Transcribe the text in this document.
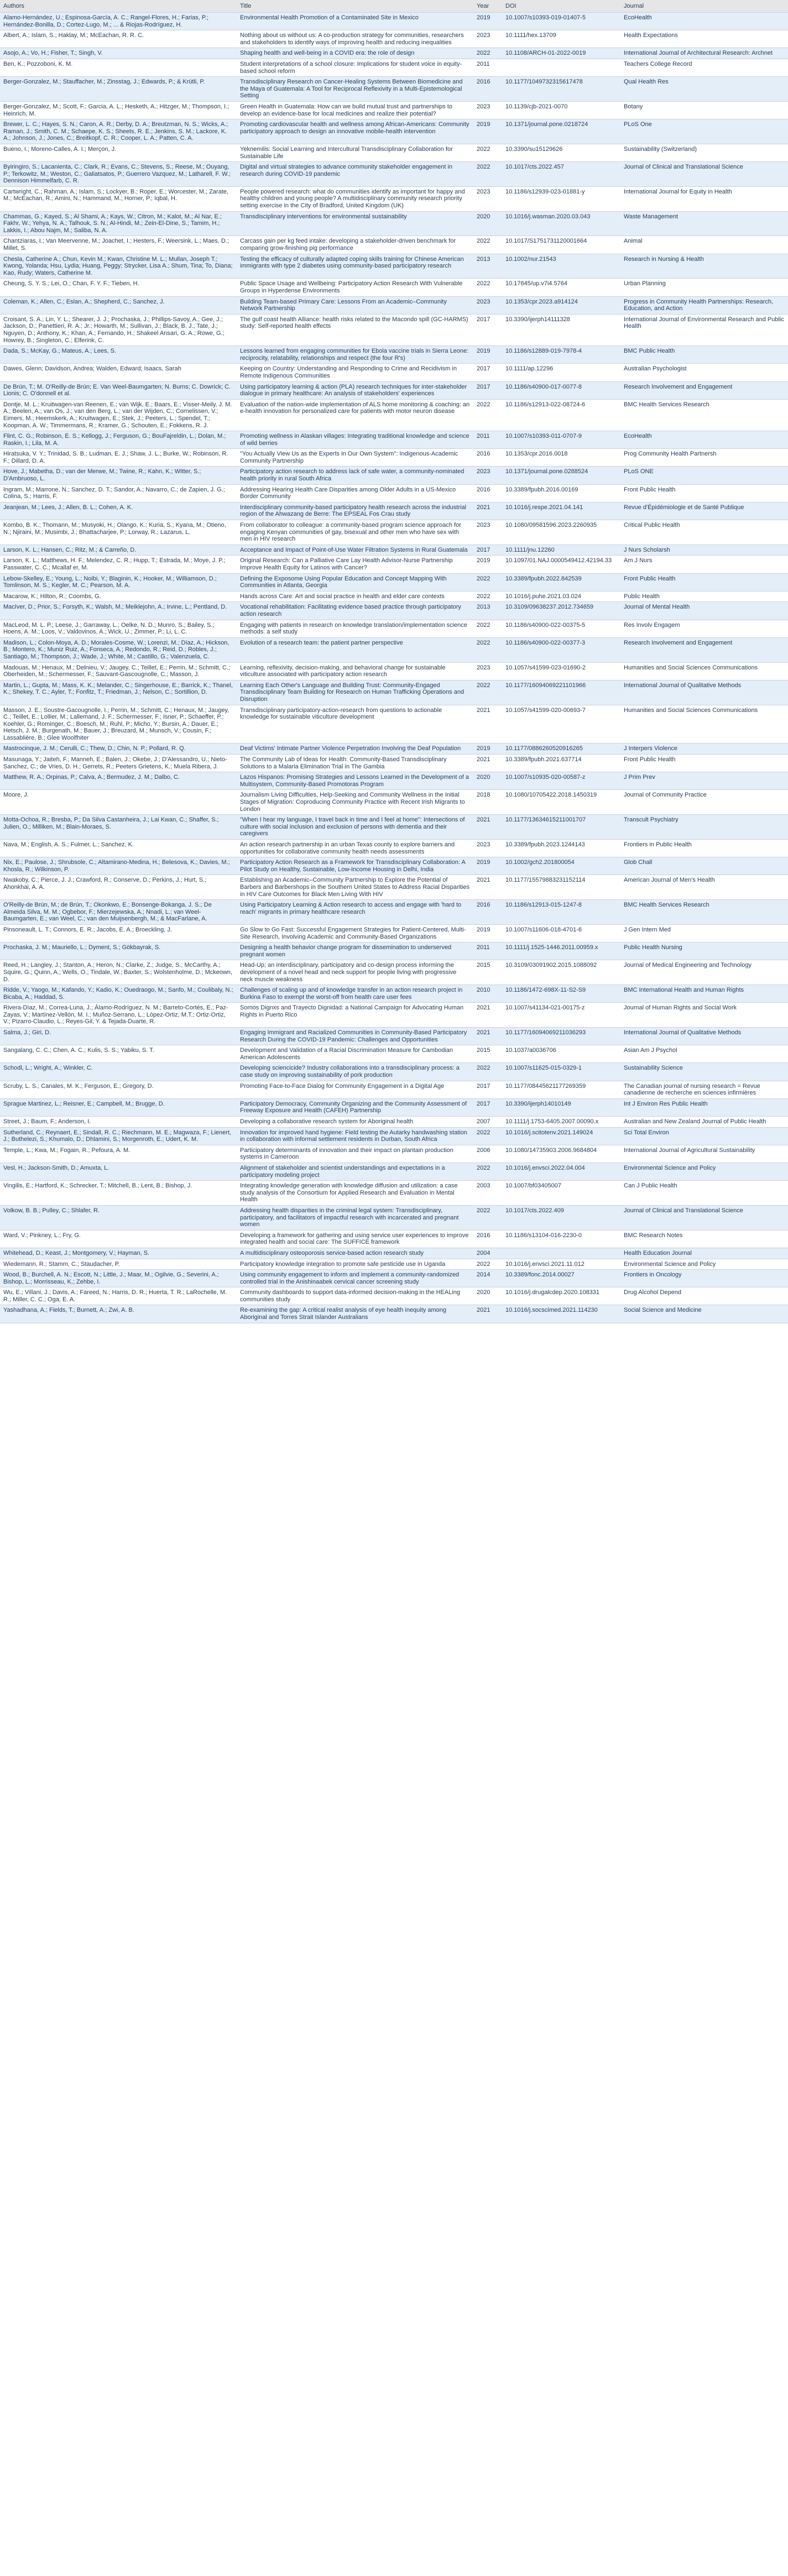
Authors	Title	Year	DOI	Journal
Alamo-Hernández, U.; Espinosa-García, A. C.; Rangel-Flores, H.; Farias, P.; Hernández-Bonilla, D.; Cortez-Lugo, M.; ... & Riojas-Rodríguez, H.	Environmental Health Promotion of a Contaminated Site in Mexico	2019	10.1007/s10393-019-01407-5	EcoHealth
Albert, A.; Islam, S.; Haklay, M.; McEachan, R. R. C.	Nothing about us without us: A co-production strategy for communities, researchers and stakeholders to identify ways of improving health and reducing inequalities	2023	10.1111/hex.13709	Health Expectations
Asojo, A.; Vo, H.; Fisher, T.; Singh, V.	Shaping health and well-being in a COVID era: the role of design	2022	10.1108/ARCH-01-2022-0019	International Journal of Architectural Research: Archnet
Ben, K.; Pozzoboni, K. M.	Student interpretations of a school closure: Implications for student voice in equity-based school reform	2011		Teachers College Record
Berger-Gonzalez, M.; Stauffacher, M.; Zinsstag, J.; Edwards, P.; & Krütli, P.	Transdisciplinary Research on Cancer-Healing Systems Between Biomedicine and the Maya of Guatemala: A Tool for Reciprocal Reflexivity in a Multi-Epistemological Setting	2016	10.1177/1049732315617478	Qual Health Res
Berger-Gonzalez, M.; Scott, F.; Garcia, A. L.; Hesketh, A.; Hitzger, M.; Thompson, I.; Heinrich, M.	Green Health in Guatemala: How can we build mutual trust and partnerships to develop an evidence-base for local medicines and realize their potential?	2023	10.1139/cjb-2021-0070	Botany
Brewer, L. C.; Hayes, S. N.; Caron, A. R.; Derby, D. A.; Breutzman, N. S.; Wicks, A.; Raman, J.; Smith, C. M.; Schaepe, K. S.; Sheets, R. E.; Jenkins, S. M.; Lackore, K. A.; Johnson, J.; Jones, C.; Breitkopf, C. R.; Cooper, L. A.; Patten, C. A.	Promoting cardiovascular health and wellness among African-Americans: Community participatory approach to design an innovative mobile-health intervention	2019	10.1371/journal.pone.0218724	PLoS One
Bueno, I.; Moreno-Calles, A. I.; Merçon, J.	Yeknemilis: Social Learning and Intercultural Transdisciplinary Collaboration for Sustainable Life	2022	10.3390/su15129626	Sustainability (Switzerland)
Byiringiro, S.; Lacanienta, C.; Clark, R.; Evans, C.; Stevens, S.; Reese, M.; Ouyang, P.; Terkowitz, M.; Weston, C.; Galiatsatos, P.; Guerrero Vazquez, M.; Latharell, F. W.; Dennison Himmelfarb, C. R.	Digital and virtual strategies to advance community stakeholder engagement in research during COVID-19 pandemic	2022	10.1017/cts.2022.457	Journal of Clinical and Translational Science
Cartwright, C.; Rahman, A.; Islam, S.; Lockyer, B.; Roper, E.; Worcester, M.; Zarate, M.; McEachan, R.; Amini, N.; Hammand, M.; Horner, P.; Iqbal, H.	People powered research: what do communities identify as important for happy and healthy children and young people? A multidisciplinary community research priority setting exercise in the City of Bradford, United Kingdom (UK)	2023	10.1186/s12939-023-01881-y	International Journal for Equity in Health
Chammas, G.; Kayed, S.; Al Shami, A.; Kays, W.; Citron, M.; Kalot, M.; Al Nar, E.; Fakhr, W.; Yehya, N. A.; Talhouk, S. N.; Al-Hindi, M.; Zein-El-Dine, S.; Tamim, H.; Lakkis, I.; Abou Najm, M.; Saliba, N. A.	Transdisciplinary interventions for environmental sustainability	2020	10.1016/j.wasman.2020.03.043	Waste Management
Chantziaras, I.; Van Meervenne, M.; Joachet, I.; Hesters, F.; Weersink, L.; Maes, D.; Millet, S.	Carcass gain per kg feed intake: developing a stakeholder-driven benchmark for comparing grow-finishing pig performance	2022	10.1017/S1751731120001664	Animal
Chesla, Catherine A.; Chun, Kevin M.; Kwan, Christine M. L.; Mullan, Joseph T.; Kwong, Yolanda; Hsu, Lydia; Huang, Peggy; Strycker, Lisa A.; Shum, Tina; To, Diana; Kao, Rudy; Waters, Catherine M.	Testing the efficacy of culturally adapted coping skills training for Chinese American immigrants with type 2 diabetes using community-based participatory research	2013	10.1002/nur.21543	Research in Nursing & Health
Cheung, S. Y. S.; Lei, O.; Chan, F. Y. F.; Tieben, H.	Public Space Usage and Wellbeing: Participatory Action Research With Vulnerable Groups in Hyperdense Environments	2022	10.17645/up.v7i4.5764	Urban Planning
Coleman, K.; Allen, C.; Eslan, A.; Shepherd, C.; Sanchez, J.	Building Team-based Primary Care: Lessons From an Academic–Community Network Partnership	2023	10.1353/cpr.2023.a914124	Progress in Community Health Partnerships: Research, Education, and Action
Croisant, S. A.; Lin, Y. L.; Shearer, J. J.; Prochaska, J.; Phillips-Savoy, A.; Gee, J.; Jackson, D.; Panettieri, R. A.; Jr.; Howarth, M.; Sullivan, J.; Black, B. J.; Tate, J.; Nguyen, D.; Anthony, K.; Khan, A.; Fernando, H.; Shakeel Ansari, G. A.; Rowe, G.; Howrey, B.; Singleton, C.; Elferink, C.	The gulf coast health Alliance: health risks related to the Macondo spill (GC-HARMS) study: Self-reported health effects	2017	10.3390/ijerph14111328	International Journal of Environmental Research and Public Health
Dada, S.; McKay, G.; Mateus, A.; Lees, S.	Lessons learned from engaging communities for Ebola vaccine trials in Sierra Leone: reciprocity, relatability, relationships and respect (the four R's)	2019	10.1186/s12889-019-7978-4	BMC Public Health
Dawes, Glenn; Davidson, Andrea; Walden, Edward; Isaacs, Sarah	Keeping on Country: Understanding and Responding to Crime and Recidivism in Remote Indigenous Communities	2017	10.1111/ap.12296	Australian Psychologist
De Brún, T.; M. O'Reilly-de Brún; E. Van Weel-Baumgarten; N. Burns; C. Dowrick; C. Lionis; C. O'donnell et al.	Using participatory learning & action (PLA) research techniques for inter-stakeholder dialogue in primary healthcare: An analysis of stakeholders' experiences	2017	10.1186/s40900-017-0077-8	Research Involvement and Engagement
Dontje, M. L.; Kruitwagen-van Reenen, E.; van Wijk, E.; Baars, E.; Visser-Meily, J. M. A.; Beelen, A.; van Os, J.; van den Berg, L.; van der Wijden, C.; Cornelissen, V.; Eimers, M.; Heemskerk, A.; Kruitwagen, E.; Stek, J.; Peeters, L.; Spendel, T.; Koopman, A. W.; Timmermans, R.; Kramer, G.; Schouten, E.; Fokkens, R. J.	Evaluation of the nation-wide implementation of ALS home monitoring & coaching: an e-health innovation for personalized care for patients with motor neuron disease	2022	10.1186/s12913-022-08724-6	BMC Health Services Research
Flint, C. G.; Robinson, E. S.; Kellogg, J.; Ferguson, G.; BouFajreldin, L.; Dolan, M.; Raskin, I.; Lila, M. A.	Promoting wellness in Alaskan villages: Integrating traditional knowledge and science of wild berries	2011	10.1007/s10393-011-0707-9	EcoHealth
Hiratsuka, V. Y.; Trinidad, S. B.; Ludman, E. J.; Shaw, J. L.; Burke, W.; Robinson, R. F.; Dillard, D. A.	"You Actually View Us as the Experts in Our Own System": Indigenous-Academic Community Partnership	2016	10.1353/cpr.2016.0018	Prog Community Health Partnersh
Hove, J.; Mabetha, D.; van der Merwe, M.; Twine, R.; Kahn, K.; Witter, S.; D'Ambruoso, L.	Participatory action research to address lack of safe water, a community-nominated health priority in rural South Africa	2023	10.1371/journal.pone.0288524	PLoS ONE
Ingram, M.; Marrone, N.; Sanchez, D. T.; Sandor, A.; Navarro, C.; de Zapien, J. G.; Colina, S.; Harris, F.	Addressing Hearing Health Care Disparities among Older Adults in a US-Mexico Border Community	2016	10.3389/fpubh.2016.00169	Front Public Health
Jeanjean, M.; Lees, J.; Allen, B. L.; Cohen, A. K.	Interdisciplinary community-based participatory health research across the industrial region of the Ahwazang de Berre: The EPSEAL Fos Crau study	2021	10.1016/j.respe.2021.04.141	Revue d'Épidémiologie et de Santé Publique
Kombo, B. K.; Thomann, M.; Musyoki, H.; Olango, K.; Kuria, S.; Kyana, M.; Otieno, N.; Njiraini, M.; Musimbi, J.; Bhattacharjee, P.; Lorway, R.; Lazarus, L.	From collaborator to colleague: a community-based program science approach for engaging Kenyan communities of gay, bisexual and other men who have sex with men in HIV research	2023	10.1080/09581596.2023.2260935	Critical Public Health
Larson, K. L.; Hansen, C.; Ritz, M.; & Carreño, D.	Acceptance and Impact of Point-of-Use Water Filtration Systems in Rural Guatemala	2017	10.1111/jnu.12260	J Nurs Scholarsh
Larson, K. L.; Matthews, H. F.; Melendez, C. R.; Hupp, T.; Estrada, M.; Moye, J. P.; Passwater, C. C.; Mcallaf er, M.	Original Research: Can a Palliative Care Lay Health Advisor-Nurse Partnership Improve Health Equity for Latinos with Cancer?	2019	10.1097/01.NAJ.0000549412.42194.33	Am J Nurs
Lebow-Skelley, E.; Young, L.; Noibi, Y.; Blaginin, K.; Hooker, M.; Williamson, D.; Tomlinson, M. S.; Kegler, M. C.; Pearson, M. A.	Defining the Exposome Using Popular Education and Concept Mapping With Communities in Atlanta, Georgia	2022	10.3389/fpubh.2022.842539	Front Public Health
Macarow, K.; Hilton, R.; Coombs, G.	Hands across Care: Art and social practice in health and elder care contexts	2022	10.1016/j.puhe.2021.03.024	Public Health
MacIver, D.; Prior, S.; Forsyth, K.; Walsh, M.; Meiklejohn, A.; Irvine, L.; Pentland, D.	Vocational rehabilitation: Facilitating evidence based practice through participatory action research	2013	10.3109/09638237.2012.734659	Journal of Mental Health
MacLeod, M. L. P.; Leese, J.; Garraway, L.; Oelke, N. D.; Munro, S.; Bailey, S.; Hoens, A. M.; Loos, V.; Valdovinos, A.; Wick, U.; Zimmer, P.; Li, L. C.	Engaging with patients in research on knowledge translation/implementation science methods: a self study	2022	10.1186/s40900-022-00375-5	Res Involv Engagem
Madison, L.; Colon-Moya, A. D.; Morales-Cosme, W.; Lorenzi, M.; Díaz, A.; Hickson, B.; Montero, K.; Muniz Ruiz, A.; Fonseca, A.; Redondo, R.; Reid, D.; Robles, J.; Santiago, M.; Thompson, J.; Wade, J.; White, M.; Castillo, G.; Valenzuela, C.	Evolution of a research team: the patient partner perspective	2022	10.1186/s40900-022-00377-3	Research Involvement and Engagement
Madouas, M.; Henaux, M.; Delnieu, V.; Jaugey, C.; Teillet, E.; Perrin, M.; Schmitt, C.; Oberheiden, M.; Schermesser, F.; Sauvant-Gascougnolle, C.; Masson, J.	Learning, reflexivity, decision-making, and behavioral change for sustainable viticulture associated with participatory action research	2023	10.1057/s41599-023-01690-2	Humanities and Social Sciences Communications
Martin, L.; Gupta, M.; Mass, K. K.; Melander, C.; Singerhouse, E.; Barrick, K.; Thanel, K.; Shekey, T. C.; Ayler, T.; Fonfitz, T.; Friedman, J.; Nelson, C.; Sortillion, D.	Learning Each Other's Language and Building Trust: Community-Engaged Transdisciplinary Team Building for Research on Human Trafficking Operations and Disruption	2022	10.1177/16094069221101966	International Journal of Qualitative Methods
Masson, J. E.; Soustre-Gacougnolle, I.; Perrin, M.; Schmitt, C.; Henaux, M.; Jaugey, C.; Teillet, E.; Lollier, M.; Lallemand, J. F.; Schermesser, F.; Isner, P.; Schaeffer, P.; Koehler, G.; Rominger, C.; Boesch, M.; Ruhl, P.; Micho, Y.; Bursin, A.; Dauer, E.; Hetsch, J. M.; Burgenath, M.; Bauer, J.; Breuzard, M.; Munsch, V.; Cousin, F.; Lassablière, B.; Glee Woolfhiter	Transdisciplinary participatory-action-research from questions to actionable knowledge for sustainable viticulture development	2021	10.1057/s41599-020-00693-7	Humanities and Social Sciences Communications
Mastrocinque, J. M.; Cerulli, C.; Thew, D.; Chin, N. P.; Pollard, R. Q.	Deaf Victims' Intimate Partner Violence Perpetration Involving the Deaf Population	2019	10.1177/0886260520916265	J Interpers Violence
Masunaga, Y.; Jaiteh, F.; Manneh, E.; Balen, J.; Okebe, J.; D'Alessandro, U.; Nieto-Sanchez, C.; de Vries, D. H.; Gerrets, R.; Peeters Grietens, K.; Muela Ribera, J.	The Community Lab of Ideas for Health: Community-Based Transdisciplinary Solutions to a Malaria Elimination Trial in The Gambia	2021	10.3389/fpubh.2021.637714	Front Public Health
Matthew, R. A.; Orpinas, P.; Calva, A.; Bermudez, J. M.; Dalbo, C.	Lazos Hispanos: Promising Strategies and Lessons Learned in the Development of a Multisystem, Community-Based Promotoras Program	2020	10.1007/s10935-020-00587-z	J Prim Prev
Moore, J.	Journalism Living Difficulties, Help-Seeking and Community Wellness in the Initial Stages of Migration: Coproducing Community Practice with Recent Irish Migrants to London	2018	10.1080/10705422.2018.1450319	Journal of Community Practice
Motta-Ochoa, R.; Bresba, P.; Da Silva Castanheira, J.; Lai Kwan, C.; Shaffer, S.; Julien, O.; Milliken, M.; Blain-Moraes, S.	"When I hear my language, I travel back in time and I feel at home": Intersections of culture with social inclusion and exclusion of persons with dementia and their caregivers	2021	10.1177/13634615211001707	Transcult Psychiatry
Nava, M.; English, A. S.; Fulmer, L.; Sanchez, K.	An action research partnership in an urban Texas county to explore barriers and opportunities for collaborative community health needs assessments	2023	10.3389/fpubh.2023.1244143	Frontiers in Public Health
Nix, E.; Paulose, J.; Shrubsole, C.; Altamirano-Medina, H.; Belesova, K.; Davies, M.; Khosla, R.; Wilkinson, P.	Participatory Action Research as a Framework for Transdisciplinary Collaboration: A Pilot Study on Healthy, Sustainable, Low-Income Housing in Delhi, India	2019	10.1002/gch2.201800054	Glob Chall
Nwakoby, C.; Pierce, J. J.; Crawford, R.; Conserve, D.; Perkins, J.; Hurt, S.; Ahonkhai, A. A.	Establishing an Academic–Community Partnership to Explore the Potential of Barbers and Barbershops in the Southern United States to Address Racial Disparities in HIV Care Outcomes for Black Men Living With HIV	2021	10.1177/15579883231152114	American Journal of Men's Health
O'Reilly-de Brún, M.; de Brún, T.; Okonkwo, E.; Bonsenge-Bokanga, J. S.; De Almeida Silva, M. M.; Ogbebor, F.; Mierzejewska, A.; Nnadi, L.; van Weel-Baumgarten, E.; van Weel, C.; van den Muijsenbergh, M.; & MacFarlane, A.	Using Participatory Learning & Action research to access and engage with 'hard to reach' migrants in primary healthcare research	2016	10.1186/s12913-015-1247-8	BMC Health Services Research
Pinsoneault, L. T.; Connors, E. R.; Jacobs, E. A.; Broeckling, J.	Go Slow to Go Fast: Successful Engagement Strategies for Patient-Centered, Multi-Site Research, Involving Academic and Community-Based Organizations	2019	10.1007/s11606-018-4701-6	J Gen Intern Med
Prochaska, J. M.; Mauriello, L.; Dyment, S.; Gökbayrak, S.	Designing a health behavior change program for dissemination to underserved pregnant women	2011	10.1111/j.1525-1446.2011.00959.x	Public Health Nursing
Reed, H.; Langley, J.; Stanton, A.; Heron, N.; Clarke, Z.; Judge, S.; McCarthy, A.; Squire, G.; Quinn, A.; Wells, O.; Tindale, W.; Baxter, S.; Wolstenholme, D.; Mckeown, D.	Head-Up; an interdisciplinary, participatory and co-design process informing the development of a novel head and neck support for people living with progressive neck muscle weakness	2015	10.3109/03091902.2015.1088092	Journal of Medical Engineering and Technology
Ridde, V.; Yaogo, M.; Kafando, Y.; Kadio, K.; Ouedraogo, M.; Sanfo, M.; Coulibaly, N.; Bicaba, A.; Haddad, S.	Challenges of scaling up and of knowledge transfer in an action research project in Burkina Faso to exempt the worst-off from health care user fees	2010	10.1186/1472-698X-11-S2-S9	BMC International Health and Human Rights
Rivera-Díaz, M.; Correa-Luna, J.; Álamo-Rodríguez, N. M.; Barreto-Cortés, E.; Paz-Zayas, V.; Martínez-Vellón, M. I.; Muñoz-Serrano, L.; López-Ortiz, M.T.; Ortiz-Ortiz, V.; Pizarro-Claudio, L.; Reyes-Gil, Y. & Tejada-Duarte, R.	Somos Dignxs and Trayecto Dignidad: a National Campaign for Advocating Human Rights in Puerto Rico	2021	10.1007/s41134-021-00175-z	Journal of Human Rights and Social Work
Salma, J.; Giri, D.	Engaging Immigrant and Racialized Communities in Community-Based Participatory Research During the COVID-19 Pandemic: Challenges and Opportunities	2021	10.1177/16094069211036293	International Journal of Qualitative Methods
Sangalang, C. C.; Chen, A. C.; Kulis, S. S.; Yabiku, S. T.	Development and Validation of a Racial Discrimination Measure for Cambodian American Adolescents	2015	10.1037/a0036706	Asian Am J Psychol
Schodl, L.; Wright, A.; Winkler, C.	Developing sciencicide? Industry collaborations into a transdisciplinary process: a case study on improving sustainability of pork production	2022	10.1007/s11625-015-0329-1	Sustainability Science
Scruby, L. S.; Canales, M. K.; Ferguson, E.; Gregory, D.	Promoting Face-to-Face Dialog for Community Engagement in a Digital Age	2017	10.1177/08445621177269359	The Canadian journal of nursing research = Revue canadienne de recherche en sciences infirmières
Sprague Martinez, L.; Reisner, E.; Campbell, M.; Brugge, D.	Participatory Democracy, Community Organizing and the Community Assessment of Freeway Exposure and Health (CAFEH) Partnership	2017	10.3390/ijerph14010149	Int J Environ Res Public Health
Street, J.; Baum, F.; Anderson, I.	Developing a collaborative research system for Aboriginal health	2007	10.1111/j.1753-6405.2007.00090.x	Australian and New Zealand Journal of Public Health
Sutherland, C.; Reynaert, E.; Sindall, R. C.; Riechmann, M. E.; Magwaza, F.; Lienert, J.; Buthelezi, S.; Khumalo, D.; Dhlamini, S.; Morgenroth, E.; Udert, K. M.	Innovation for improved hand hygiene: Field testing the Autarky handwashing station in collaboration with informal settlement residents in Durban, South Africa	2022	10.1016/j.scitotenv.2021.149024	Sci Total Environ
Temple, L.; Kwa, M.; Fogain, R.; Pefoura, A. M.	Participatory determinants of innovation and their impact on plantain production systems in Cameroon	2006	10.1080/14735903.2006.9684804	International Journal of Agricultural Sustainability
Vesl, H.; Jackson-Smith, D.; Amuxta, L.	Alignment of stakeholder and scientist understandings and expectations in a participatory modeling project	2022	10.1016/j.envsci.2022.04.004	Environmental Science and Policy
Vingilis, E.; Hartford, K.; Schrecker, T.; Mitchell, B.; Lent, B.; Bishop, J.	Integrating knowledge generation with knowledge diffusion and utilization: a case study analysis of the Consortium for Applied Research and Evaluation in Mental Health	2003	10.1007/bf03405007	Can J Public Health
Volkow, B. B.; Pulley, C.; Shlafer, R.	Addressing health disparities in the criminal legal system: Transdisciplinary, participatory, and facilitators of impactful research with incarcerated and pregnant women	2022	10.1017/cts.2022.409	Journal of Clinical and Translational Science
Ward, V.; Pinkney, L.; Fry, G.	Developing a framework for gathering and using service user experiences to improve integrated health and social care: The SUFFICE framework	2016	10.1186/s13104-016-2230-0	BMC Research Notes
Whitehead, D.; Keast, J.; Montgomery, V.; Hayman, S.	A multidisciplinary osteoporosis service-based action research study	2004		Health Education Journal
Wiedemann, R.; Stamm, C.; Staudacher, P.	Participatory knowledge integration to promote safe pesticide use in Uganda	2022	10.1016/j.envsci.2021.11.012	Environmental Science and Policy
Wood, B.; Burchell, A. N.; Escott, N.; Little, J.; Maar, M.; Ogilvie, G.; Severini, A.; Bishop, L.; Morrisseau, K.; Zehbe, I.	Using community engagement to inform and implement a community-randomized controlled trial in the Anishinaabek cervical cancer screening study	2014	10.3389/fonc.2014.00027	Frontiers in Oncology
Wu, E.; Villani, J.; Davis, A.; Fareed, N.; Harris, D. R.; Huerta, T. R.; LaRochelle, M. R.; Miller, C. C.; Oga, E. A.	Community dashboards to support data-informed decision-making in the HEALing communities study	2020	10.1016/j.drugalcdep.2020.108331	Drug Alcohol Depend
Yashadhana, A.; Fields, T.; Burnett, A.; Zwi, A. B.	Re-examining the gap: A critical realist analysis of eye health inequity among Aboriginal and Torres Strait Islander Australians	2021	10.1016/j.socscimed.2021.114230	Social Science and Medicine
